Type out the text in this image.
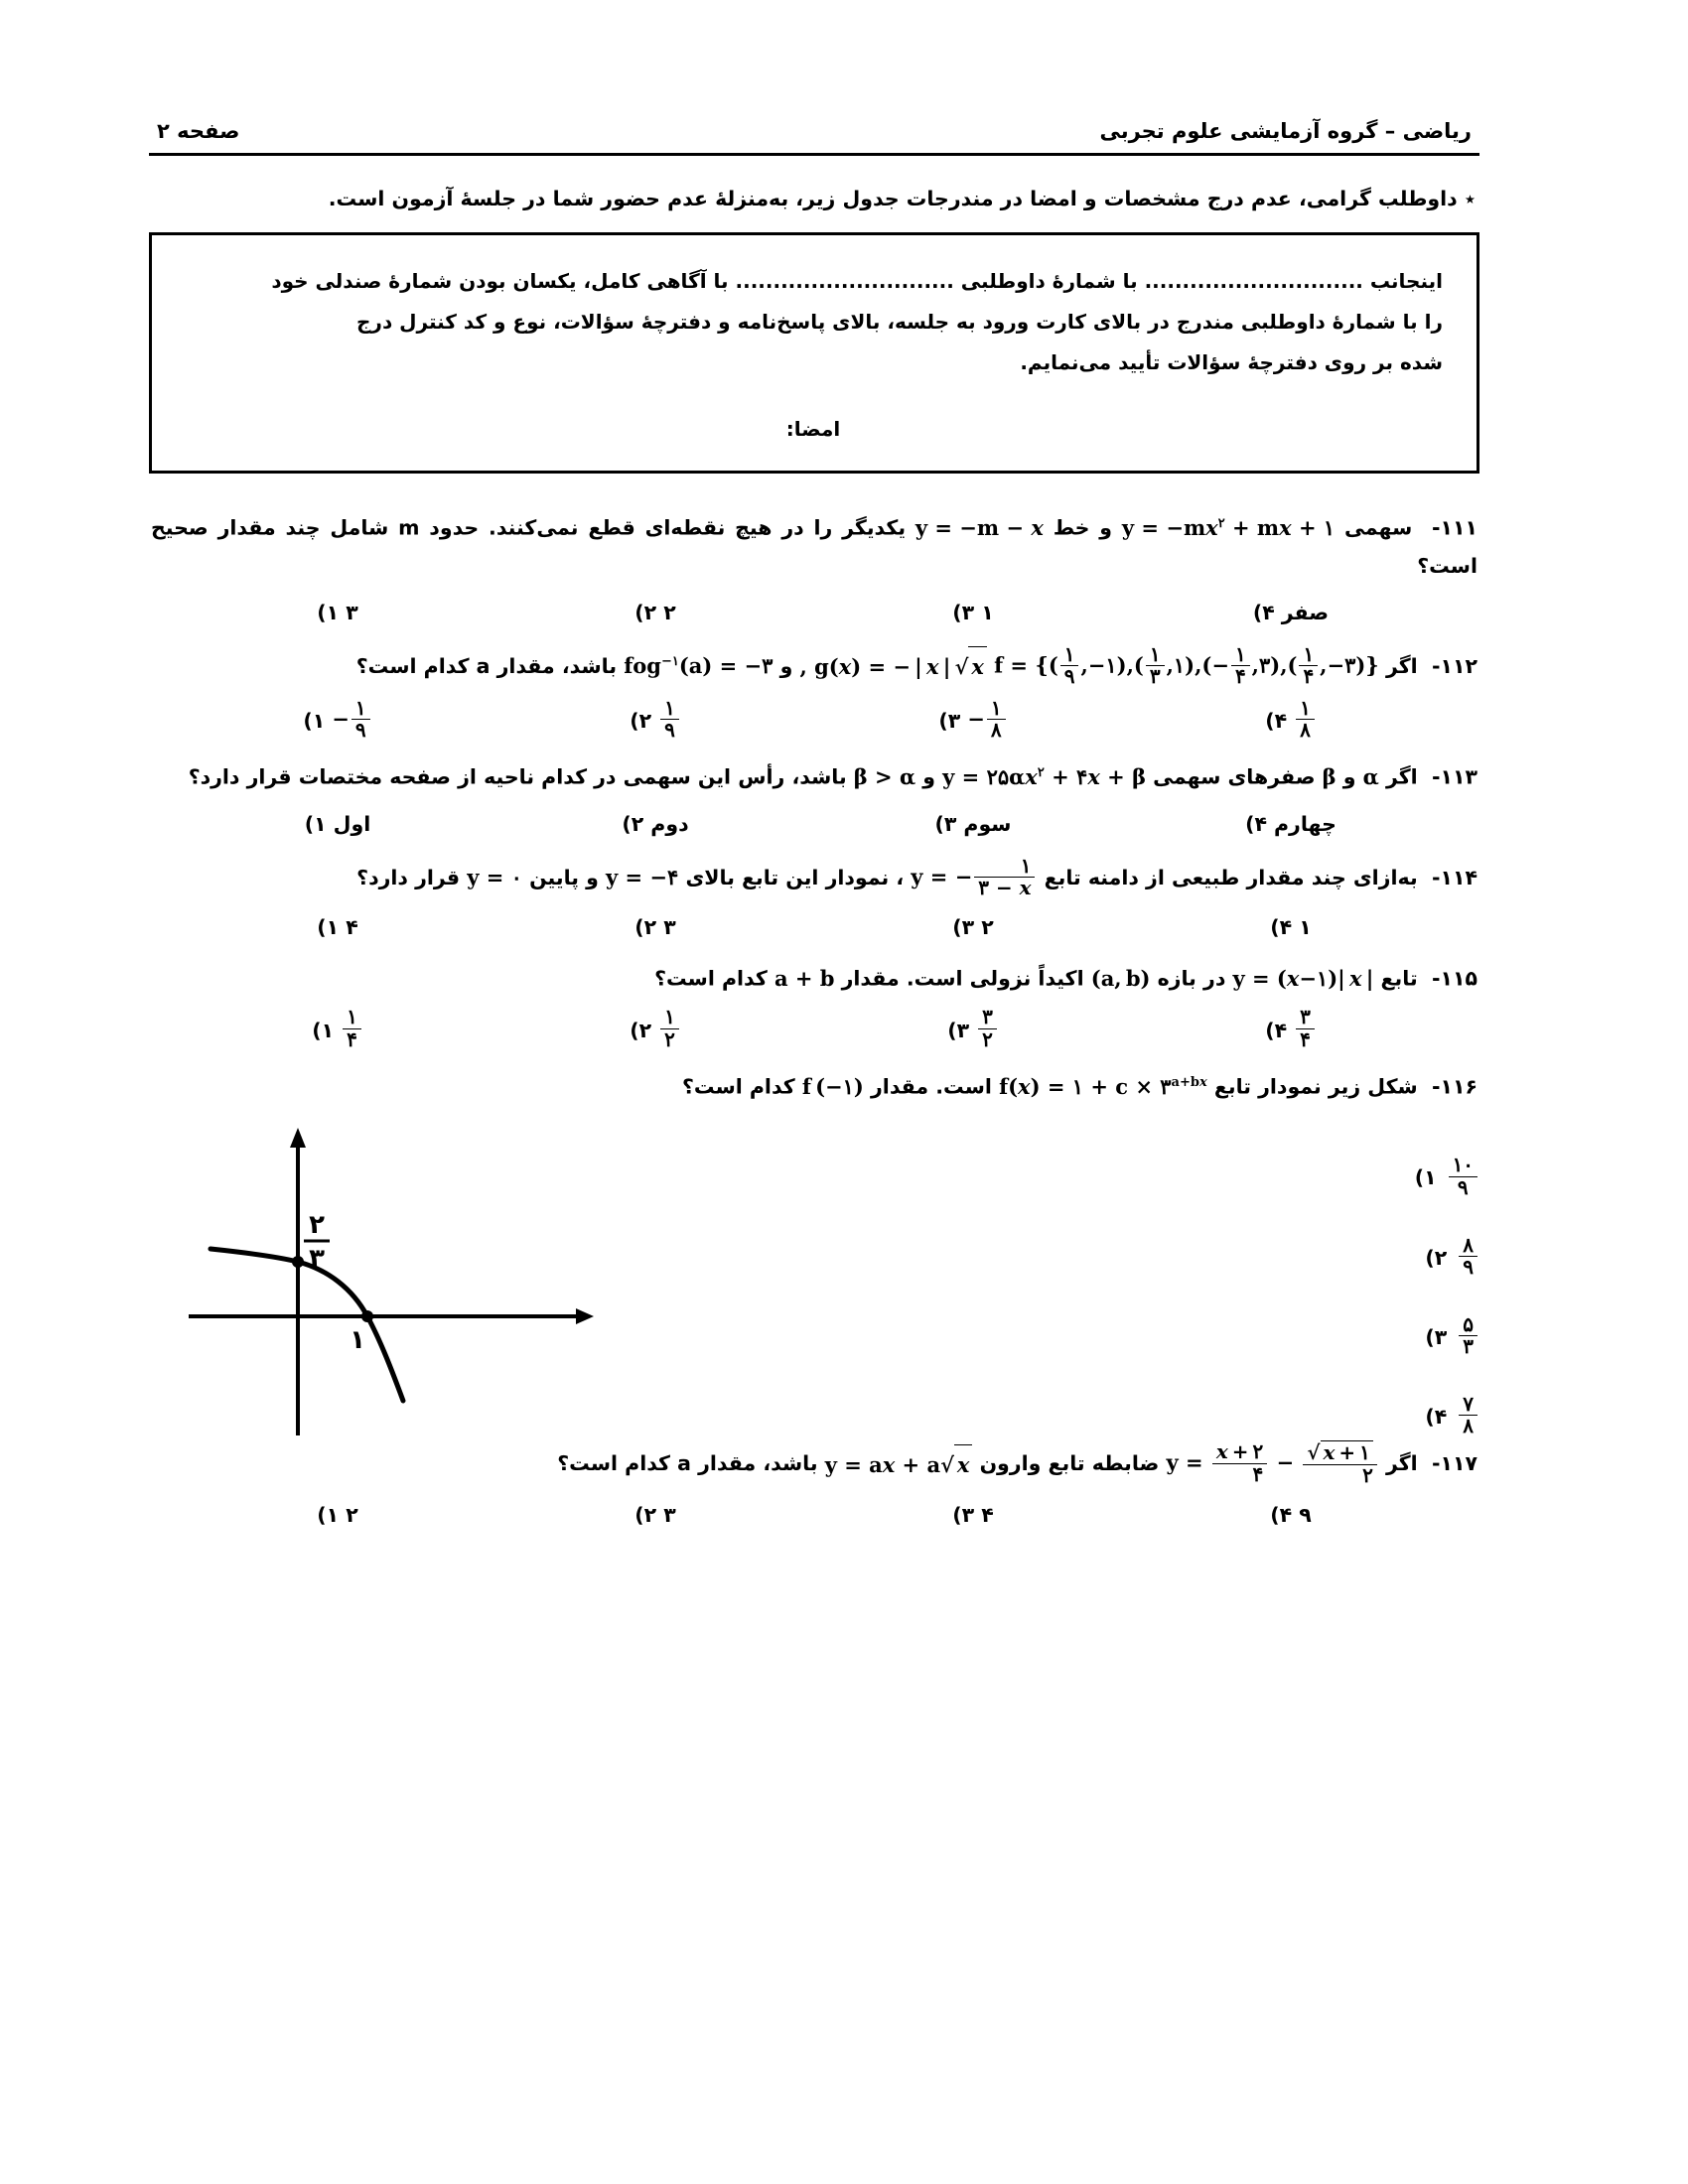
ریاضی – گروه آزمایشی علوم تجربی
صفحه ۲
٭ داوطلب گرامی، عدم درج مشخصات و امضا در مندرجات جدول زیر، به‌منزلۀ عدم حضور شما در جلسۀ آزمون است.
اینجانب ............................. با شمارۀ داوطلبی ............................. با آگاهی کامل، یکسان بودن شمارۀ صندلی خود
را با شمارۀ داوطلبی مندرج در بالای کارت ورود به جلسه، بالای پاسخ‌نامه و دفترچۀ سؤالات، نوع و کد کنترل درج
شده بر روی دفترچۀ سؤالات تأیید می‌نمایم.
امضا:
۱۱۱-  سهمی $y = -mx^۲$ + mx + ۱ و خط y = −m − x یکدیگر را در هیچ نقطه‌ای قطع نمی‌کنند. حدود m شامل چند مقدار صحیح است؟
صفر
۴)
۱
۳)
۲
۲)
۳
۱)
۱۱۲-  اگر f = {( $\frac{۱}{۹}$ ,−۱),( $\frac{۱}{۳}$ ,۱),(− $\frac{۱}{۴}$ ,۳),( $\frac{۱}{۴}$ ,−۳)} , g(x) = − | x | √ x و fog$^{-۱}$(a) = −۳ باشد، مقدار a کدام است؟
$\frac{۱}{۸}$
۴)
− $\frac{۱}{۸}$
۳)
$\frac{۱}{۹}$
۲)
− $\frac{۱}{۹}$
۱)
۱۱۳-  اگر α و β صفرهای سهمی $y = ۲۵\alpha x^۲$ + ۴x + β و β > α باشد، رأس این سهمی در کدام ناحیه از صفحه مختصات قرار دارد؟
چهارم
۴)
سوم
۳)
دوم
۲)
اول
۱)
۱۱۴-  به‌ازای چند مقدار طبیعی از دامنه تابع y = − $\frac{۱}{۳ - x}$
، نمودار این تابع بالای y = −۴ و پایین y = ۰ قرار دارد؟
۱
۴)
۲
۳)
۳
۲)
۴
۱)
۱۱۵-  تابع y = (x−۱)| x | در بازه (a, b) اکیداً نزولی است. مقدار a + b کدام است؟
$\frac{۳}{۴}$
۴)
$\frac{۳}{۲}$
۳)
$\frac{۱}{۲}$
۲)
$\frac{۱}{۴}$
۱)
۱۱۶-  شکل زیر نمودار تابع f(x) = ۱ + $c \times ۳^{a+bx}$ است. مقدار f (−۱) کدام است؟
$\frac{۱۰}{۹}$
۱)
$\frac{۸}{۹}$
۲)
$\frac{۵}{۳}$
۳)
$\frac{۷}{۸}$
۴)
۲
۳
۱
۱۱۷-  اگر $y = \frac{x + ۲}{۴} - \frac{√ x + ۱}{۲}$
ضابطه تابع وارون y = ax + a√ x باشد، مقدار a کدام است؟
۹
۴)
۴
۳)
۳
۲)
۲
۱)
